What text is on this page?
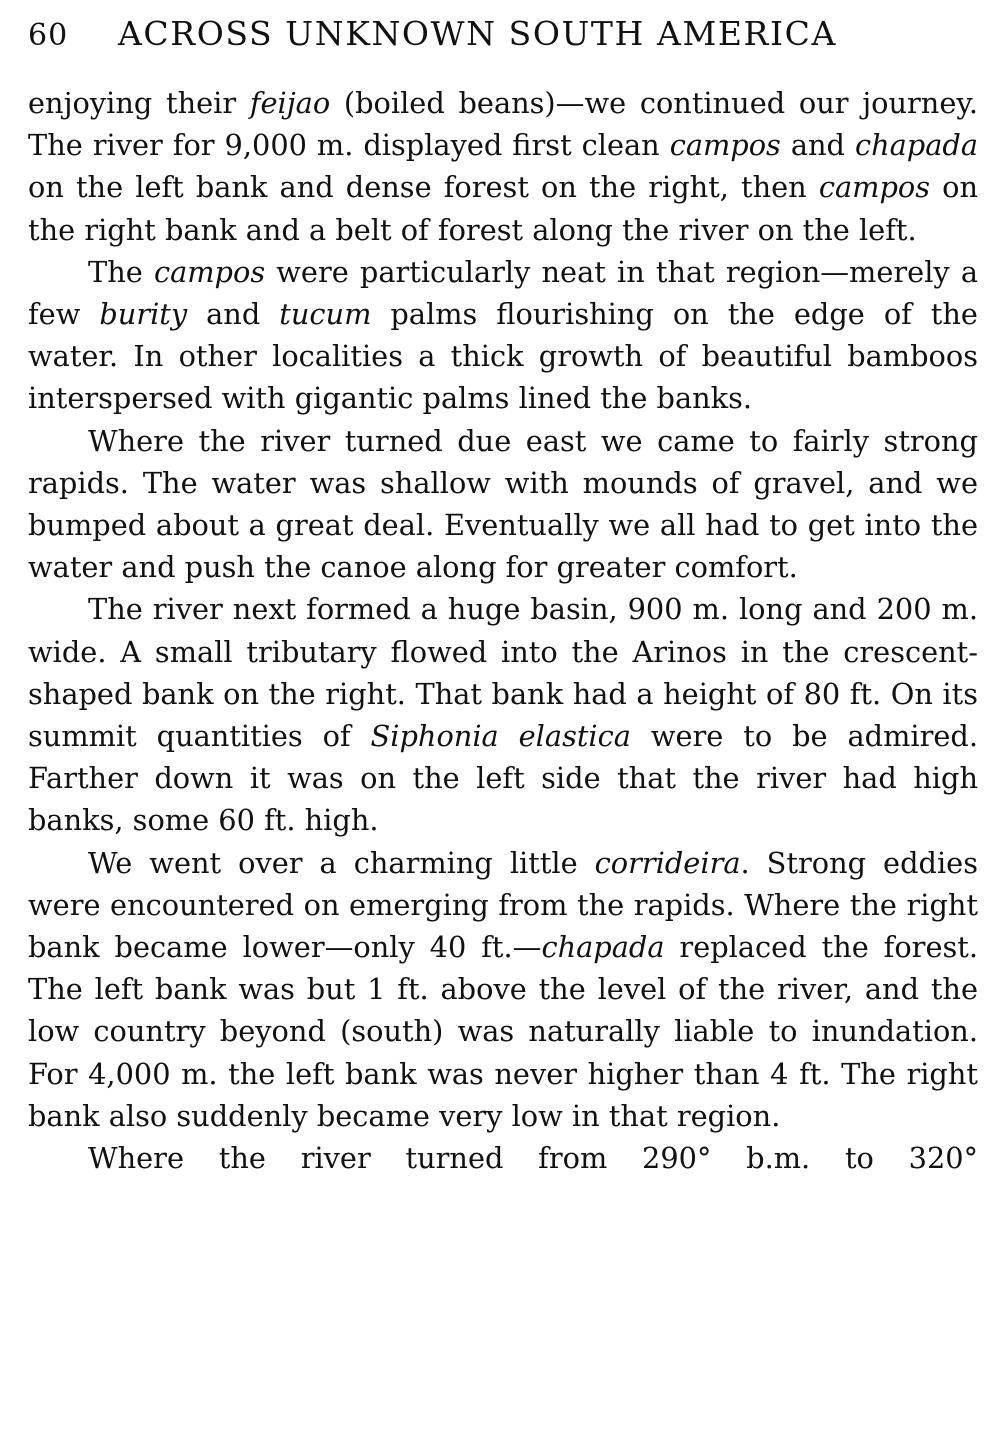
60	ACROSS UNKNOWN SOUTH AMERICA

enjoying their feijao (boiled beans)—we continued our journey. The river for 9,000 m. displayed first clean campos and chapada on the left bank and dense forest on the right, then campos on the right bank and a belt of forest along the river on the left.

The campos were particularly neat in that region—merely a few burity and tucum palms flourishing on the edge of the water. In other localities a thick growth of beautiful bamboos interspersed with gigantic palms lined the banks.

Where the river turned due east we came to fairly strong rapids. The water was shallow with mounds of gravel, and we bumped about a great deal. Eventually we all had to get into the water and push the canoe along for greater comfort.

The river next formed a huge basin, 900 m. long and 200 m. wide. A small tributary flowed into the Arinos in the crescent-shaped bank on the right. That bank had a height of 80 ft. On its summit quantities of Siphonia elastica were to be admired. Farther down it was on the left side that the river had high banks, some 60 ft. high.

We went over a charming little corrideira. Strong eddies were encountered on emerging from the rapids. Where the right bank became lower—only 40 ft.—chapada replaced the forest. The left bank was but 1 ft. above the level of the river, and the low country beyond (south) was naturally liable to inundation. For 4,000 m. the left bank was never higher than 4 ft. The right bank also suddenly became very low in that region.

Where the river turned from 290° b.m. to 320°
